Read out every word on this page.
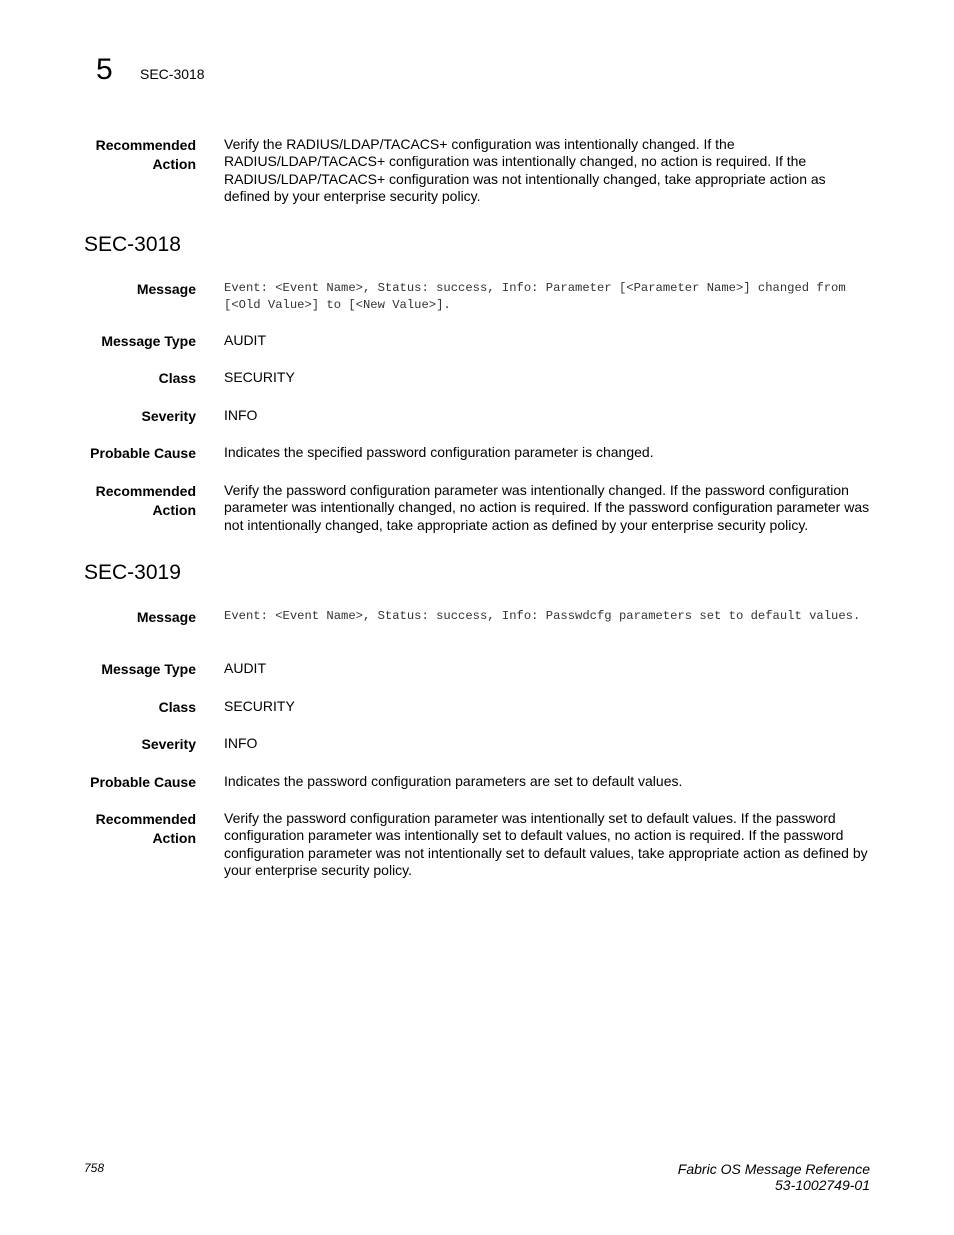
5 SEC-3018
Recommended
Action
Verify the RADIUS/LDAP/TACACS+ configuration was intentionally changed. If the RADIUS/LDAP/TACACS+ configuration was intentionally changed, no action is required. If the RADIUS/LDAP/TACACS+ configuration was not intentionally changed, take appropriate action as defined by your enterprise security policy.
SEC-3018
Message Event: <Event Name>, Status: success, Info: Parameter [<Parameter Name>] changed from [<Old Value>] to [<New Value>].
Message Type AUDIT
Class SECURITY
Severity INFO
Probable Cause Indicates the specified password configuration parameter is changed.
Recommended
Action
Verify the password configuration parameter was intentionally changed. If the password configuration parameter was intentionally changed, no action is required. If the password configuration parameter was not intentionally changed, take appropriate action as defined by your enterprise security policy.
SEC-3019
Message Event: <Event Name>, Status: success, Info: Passwdcfg parameters set to default values.
Message Type AUDIT
Class SECURITY
Severity INFO
Probable Cause Indicates the password configuration parameters are set to default values.
Recommended
Action
Verify the password configuration parameter was intentionally set to default values. If the password configuration parameter was intentionally set to default values, no action is required. If the password configuration parameter was not intentionally set to default values, take appropriate action as defined by your enterprise security policy.
758	Fabric OS Message Reference
53-1002749-01
